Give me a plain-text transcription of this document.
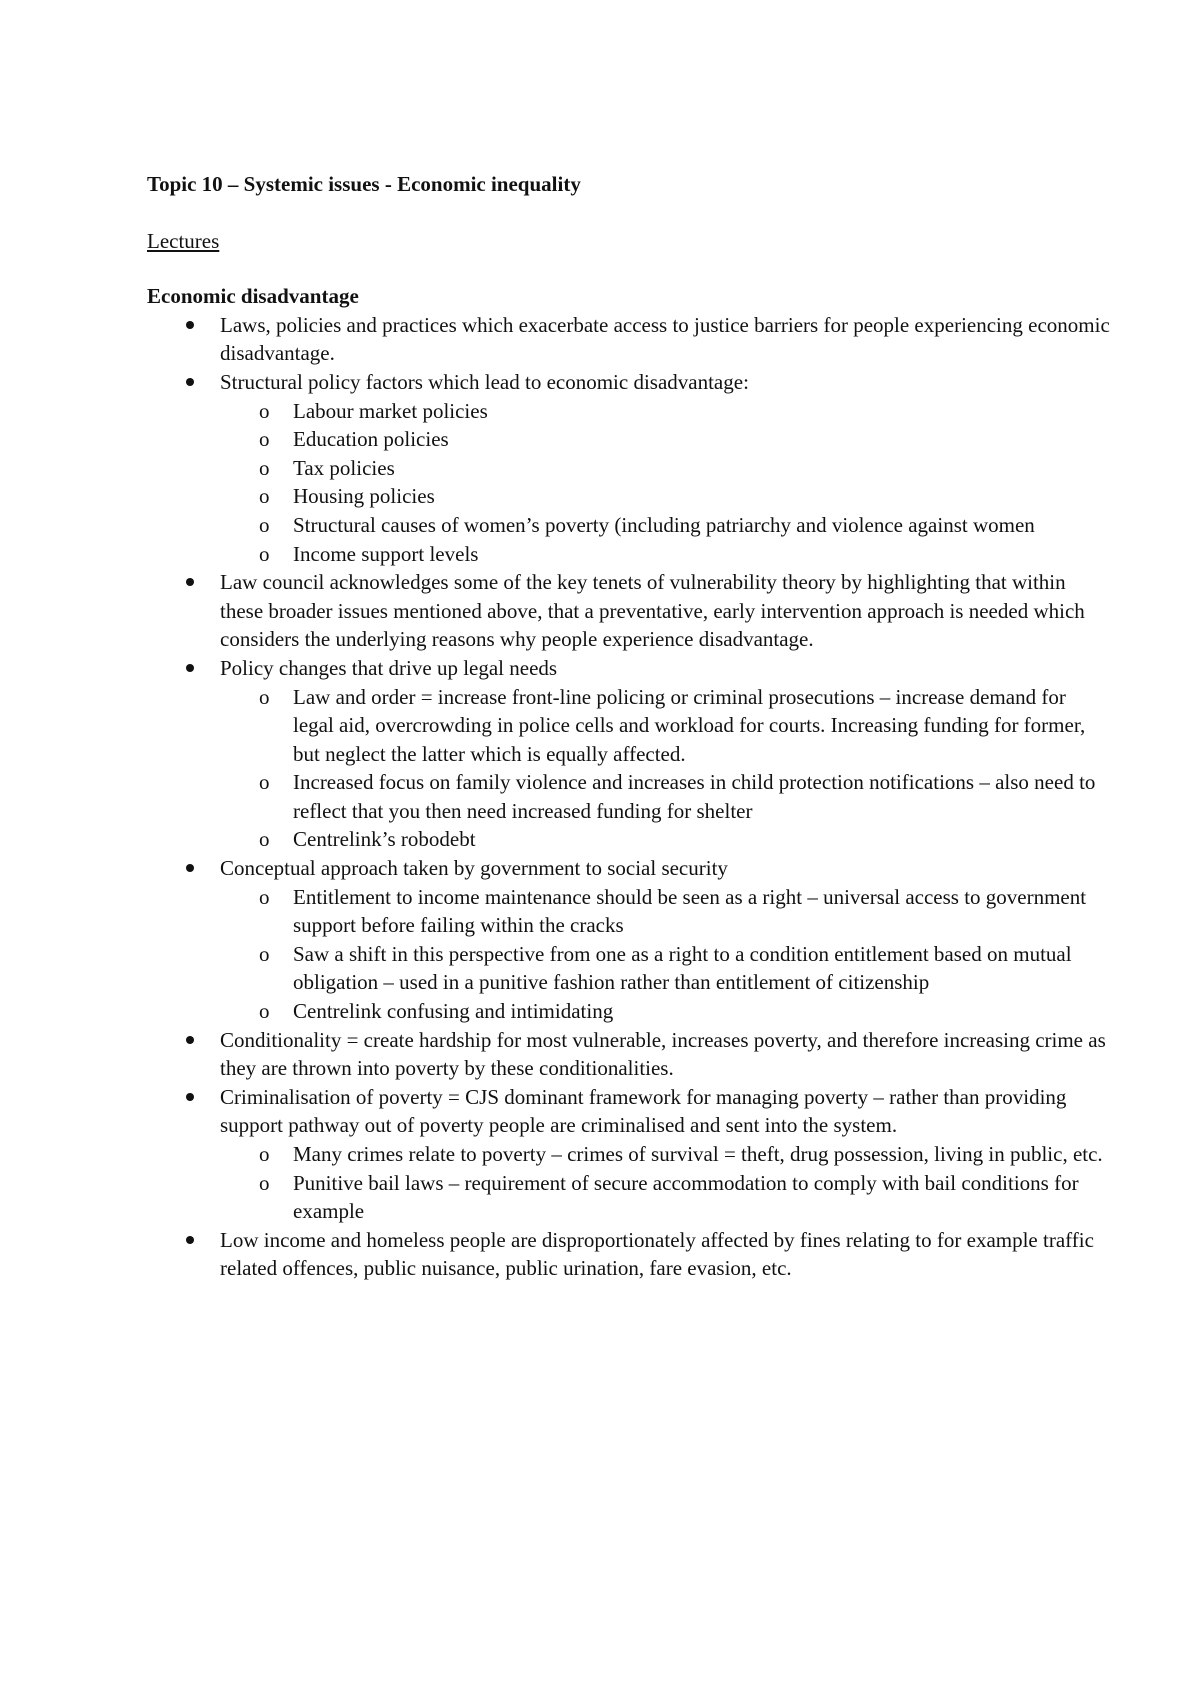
Topic 10 – Systemic issues - Economic inequality
Lectures
Economic disadvantage
Laws, policies and practices which exacerbate access to justice barriers for people experiencing economic disadvantage.
Structural policy factors which lead to economic disadvantage:
o Labour market policies
o Education policies
o Tax policies
o Housing policies
o Structural causes of women’s poverty (including patriarchy and violence against women
o Income support levels
Law council acknowledges some of the key tenets of vulnerability theory by highlighting that within these broader issues mentioned above, that a preventative, early intervention approach is needed which considers the underlying reasons why people experience disadvantage.
Policy changes that drive up legal needs
o Law and order = increase front-line policing or criminal prosecutions – increase demand for legal aid, overcrowding in police cells and workload for courts. Increasing funding for former, but neglect the latter which is equally affected.
o Increased focus on family violence and increases in child protection notifications – also need to reflect that you then need increased funding for shelter
o Centrelink’s robodebt
Conceptual approach taken by government to social security
o Entitlement to income maintenance should be seen as a right – universal access to government support before failing within the cracks
o Saw a shift in this perspective from one as a right to a condition entitlement based on mutual obligation – used in a punitive fashion rather than entitlement of citizenship
o Centrelink confusing and intimidating
Conditionality = create hardship for most vulnerable, increases poverty, and therefore increasing crime as they are thrown into poverty by these conditionalities.
Criminalisation of poverty = CJS dominant framework for managing poverty – rather than providing support pathway out of poverty people are criminalised and sent into the system.
o Many crimes relate to poverty – crimes of survival = theft, drug possession, living in public, etc.
o Punitive bail laws – requirement of secure accommodation to comply with bail conditions for example
Low income and homeless people are disproportionately affected by fines relating to for example traffic related offences, public nuisance, public urination, fare evasion, etc.
